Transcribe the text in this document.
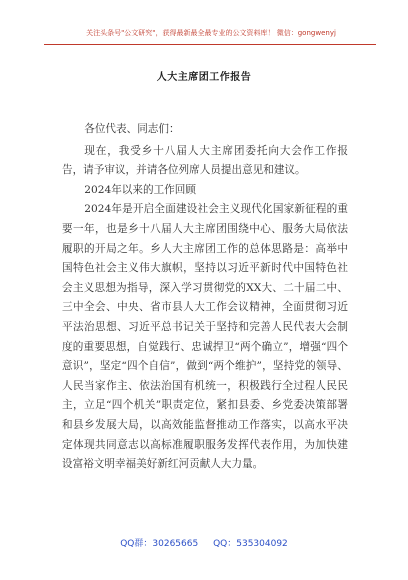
关注头条号"公文研究"，获得最新最全最专业的公文资料库！ 微信：gongwenyj
人大主席团工作报告

各位代表、同志们：

现在，我受乡十八届人大主席团委托向大会作工作报告，请予审议，并请各位列席人员提出意见和建议。

2024年以来的工作回顾

2024年是开启全面建设社会主义现代化国家新征程的重要一年，也是乡十八届人大主席团围绕中心、服务大局依法履职的开局之年。乡人大主席团工作的总体思路是：高举中国特色社会主义伟大旗帜，坚持以习近平新时代中国特色社会主义思想为指导，深入学习贯彻党的XX大、二十届二中、三中全会、中央、省市县人大工作会议精神，全面贯彻习近平法治思想、习近平总书记关于坚持和完善人民代表大会制度的重要思想，自觉践行、忠诚捍卫“两个确立”，增强“四个意识”，坚定“四个自信”，做到“两个维护”，坚持党的领导、人民当家作主、依法治国有机统一，积极践行全过程人民民主，立足“四个机关”职责定位，紧扣县委、乡党委决策部署和县乡发展大局，以高效能监督推动工作落实，以高水平决定体现共同意志以高标准履职服务发挥代表作用，为加快建设富裕文明幸福美好新红河贡献人大力量。

QQ群：30265665 QQ：535304092
